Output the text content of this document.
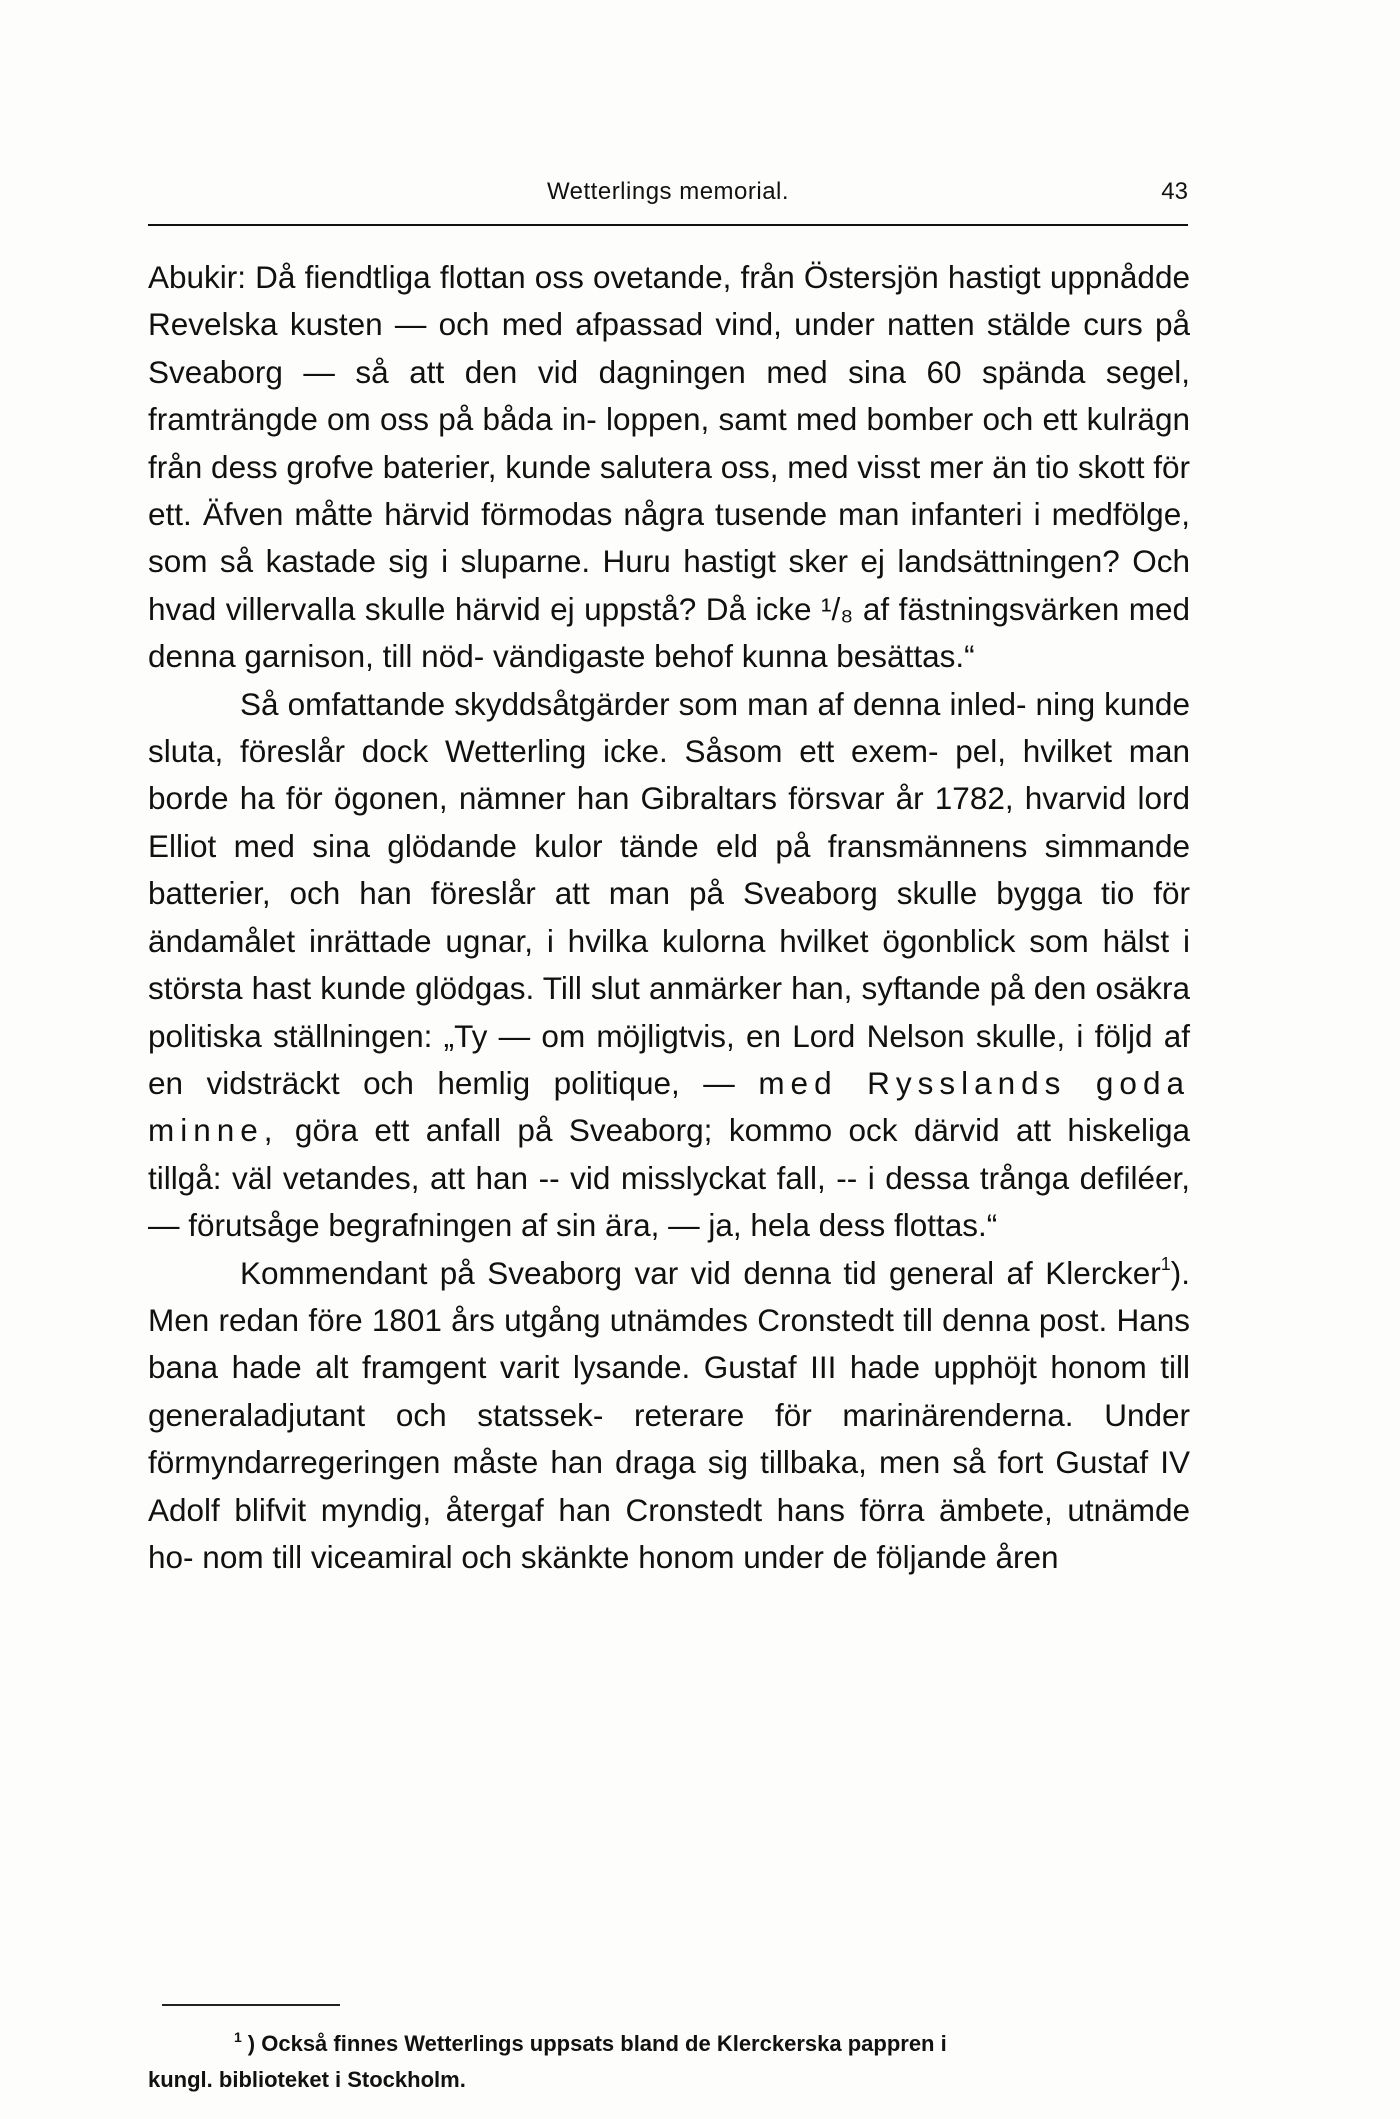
Wetterlings memorial.	43

Abukir: Då fiendtliga flottan oss ovetande, från Östersjön hastigt uppnådde Revelska kusten — och med afpassad vind, under natten stälde curs på Sveaborg — så att den vid dagningen med sina 60 spända segel, framträngde om oss på båda in- loppen, samt med bomber och ett kulrägn från dess grofve baterier, kunde salutera oss, med visst mer än tio skott för ett. Äfven måtte härvid förmodas några tusende man infanteri i medfölge, som så kastade sig i sluparne. Huru hastigt sker ej landsättningen? Och hvad villervalla skulle härvid ej uppstå? Då icke ¹/₈ af fästningsvärken med denna garnison, till nöd- vändigaste behof kunna besättas.“

Så omfattande skyddsåtgärder som man af denna inled- ning kunde sluta, föreslår dock Wetterling icke. Såsom ett exem- pel, hvilket man borde ha för ögonen, nämner han Gibraltars försvar år 1782, hvarvid lord Elliot med sina glödande kulor tände eld på fransmännens simmande batterier, och han föreslår att man på Sveaborg skulle bygga tio för ändamålet inrättade ugnar, i hvilka kulorna hvilket ögonblick som hälst i största hast kunde glödgas. Till slut anmärker han, syftande på den osäkra politiska ställningen: „Ty — om möjligtvis, en Lord Nelson skulle, i följd af en vidsträckt och hemlig politique, — med Rysslands goda minne, göra ett anfall på Sveaborg; kommo ock därvid att hiskeliga tillgå: väl vetandes, att han -- vid misslyckat fall, -- i dessa trånga defiléer, — förutsåge begrafningen af sin ära, — ja, hela dess flottas.“

Kommendant på Sveaborg var vid denna tid general af Klercker$^1$). Men redan före 1801 års utgång utnämdes Cronstedt till denna post. Hans bana hade alt framgent varit lysande. Gustaf III hade upphöjt honom till generaladjutant och statssek- reterare för marinärenderna. Under förmyndarregeringen måste han draga sig tillbaka, men så fort Gustaf IV Adolf blifvit myndig, återgaf han Cronstedt hans förra ämbete, utnämde ho- nom till viceamiral och skänkte honom under de följande åren

$^1$ ) Också finnes Wetterlings uppsats bland de Klerckerska pappren i

kungl. biblioteket i Stockholm.
